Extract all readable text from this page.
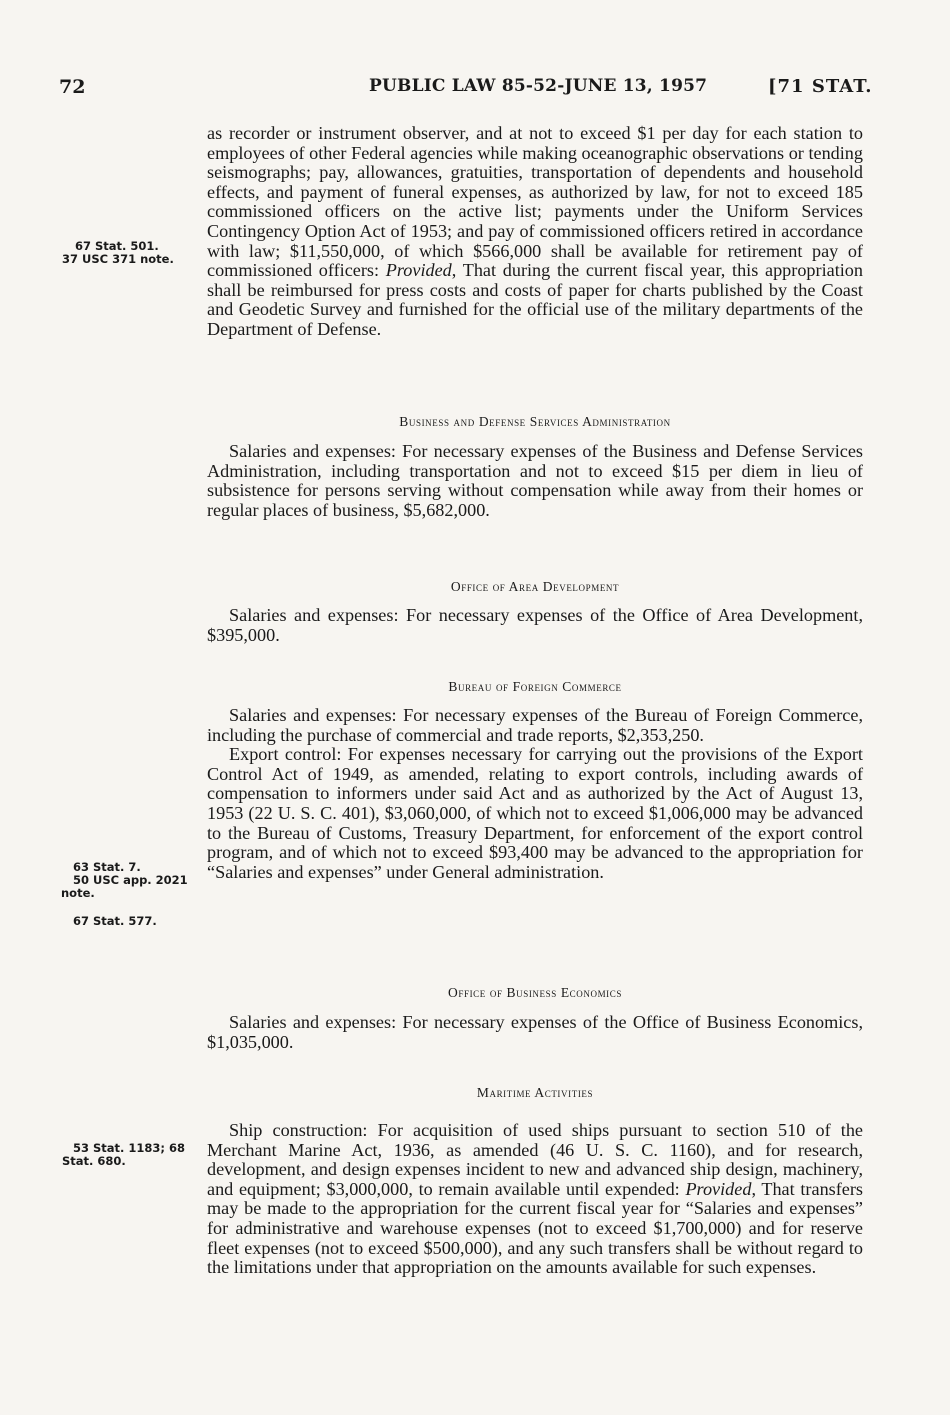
72	PUBLIC LAW 85-52-JUNE 13, 1957	[71 STAT.
67 Stat. 501.
37 USC 371 note.
63 Stat. 7.
50 USC app. 2021
note.
67 Stat. 577.
53 Stat. 1183; 68
Stat. 680.

as recorder or instrument observer, and at not to exceed $1 per day for each station to employees of other Federal agencies while making oceanographic observations or tending seismographs; pay, allowances, gratuities, transportation of dependents and household effects, and payment of funeral expenses, as authorized by law, for not to exceed 185 commissioned officers on the active list; payments under the Uniform Services Contingency Option Act of 1953; and pay of commissioned officers retired in accordance with law; $11,550,000, of which $566,000 shall be available for retirement pay of commissioned officers: Provided, That during the current fiscal year, this appropriation shall be reimbursed for press costs and costs of paper for charts published by the Coast and Geodetic Survey and furnished for the official use of the military departments of the Department of Defense.

Business and Defense Services Administration

Salaries and expenses: For necessary expenses of the Business and Defense Services Administration, including transportation and not to exceed $15 per diem in lieu of subsistence for persons serving without compensation while away from their homes or regular places of business, $5,682,000.

Office of Area Development

Salaries and expenses: For necessary expenses of the Office of Area Development, $395,000.

Bureau of Foreign Commerce

Salaries and expenses: For necessary expenses of the Bureau of Foreign Commerce, including the purchase of commercial and trade reports, $2,353,250.

Export control: For expenses necessary for carrying out the provisions of the Export Control Act of 1949, as amended, relating to export controls, including awards of compensation to informers under said Act and as authorized by the Act of August 13, 1953 (22 U. S. C. 401), $3,060,000, of which not to exceed $1,006,000 may be advanced to the Bureau of Customs, Treasury Department, for enforcement of the export control program, and of which not to exceed $93,400 may be advanced to the appropriation for “Salaries and expenses” under General administration.

Office of Business Economics

Salaries and expenses: For necessary expenses of the Office of Business Economics, $1,035,000.

Maritime Activities

Ship construction: For acquisition of used ships pursuant to section 510 of the Merchant Marine Act, 1936, as amended (46 U. S. C. 1160), and for research, development, and design expenses incident to new and advanced ship design, machinery, and equipment; $3,000,000, to remain available until expended: Provided, That transfers may be made to the appropriation for the current fiscal year for “Salaries and expenses” for administrative and warehouse expenses (not to exceed $1,700,000) and for reserve fleet expenses (not to exceed $500,000), and any such transfers shall be without regard to the limitations under that appropriation on the amounts available for such expenses.
